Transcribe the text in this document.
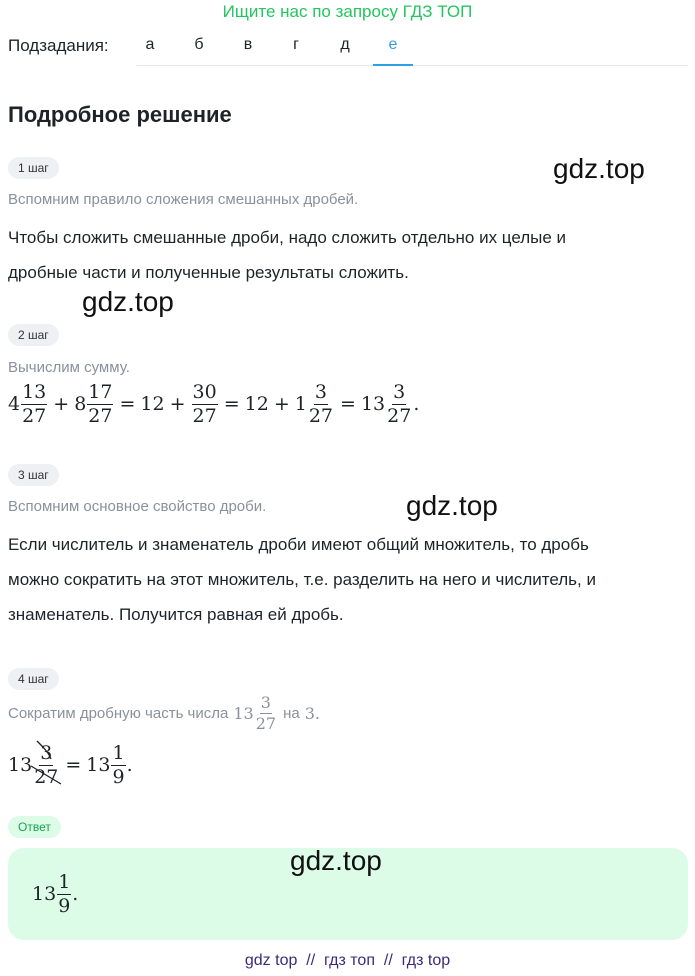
Ищите нас по запросу ГДЗ ТОП
Подзадания:	а	б	в	г	д	е
Подробное решение
1 шаг	gdz.top
Вспомним правило сложения смешанных дробей.
Чтобы сложить смешанные дроби, надо сложить отдельно их целые и
дробные части и полученные результаты сложить.
gdz.top
2 шаг
Вычислим сумму.
$4 \frac{13}{27} + 8 \frac{17}{27} = 12 + \frac{30}{27} = 12 + 1 \frac{3}{27} = 13 \frac{3}{27}$ .
3 шаг
gdz.top
Вспомним основное свойство дроби.
Если числитель и знаменатель дроби имеют общий множитель, то дробь
можно сократить на этот множитель, т.е. разделить на него и числитель, и
знаменатель. Получится равная ей дробь.
4 шаг
Сократим дробную часть числа $13 \frac{3}{27}$ на 3 .
$13 \frac{3}{27} = 13 \frac{1}{9}$ .
Ответ
$13 \frac{1}{9}$ .
gdz.top
gdz top  //  гдз топ  //  гдз top
